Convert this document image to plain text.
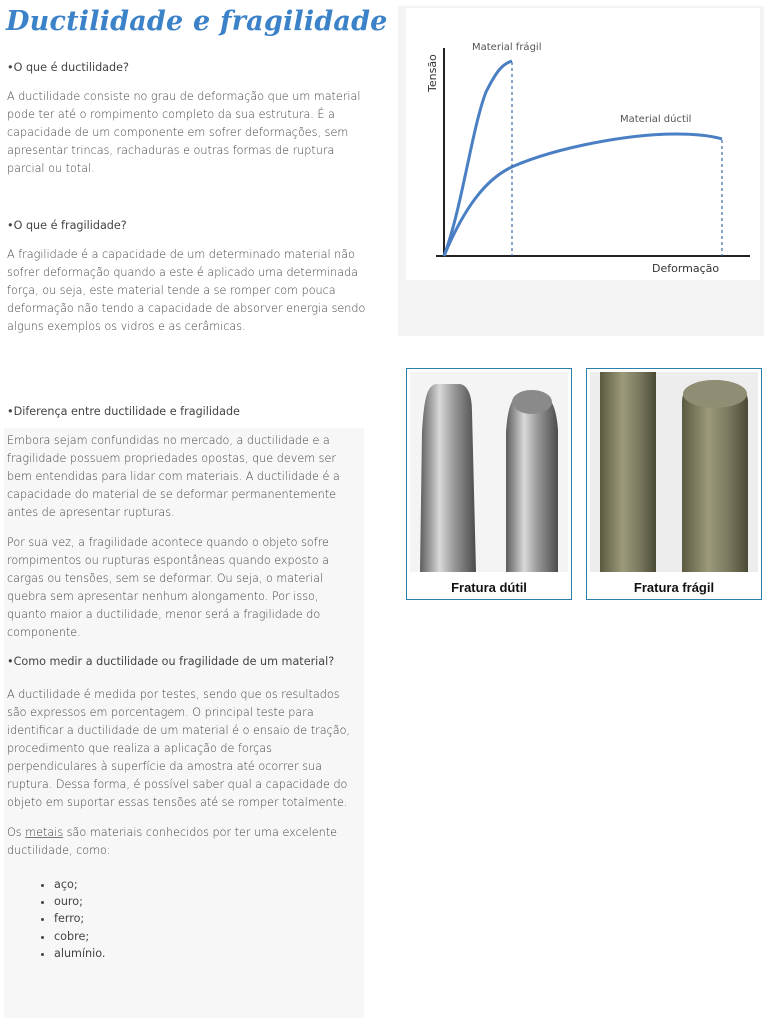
Ductilidade e fragilidade
•O que é ductilidade?
A ductilidade consiste no grau de deformação que um material pode ter até o rompimento completo da sua estrutura. É a capacidade de um componente em sofrer deformações, sem apresentar trincas, rachaduras e outras formas de ruptura parcial ou total.
•O que é fragilidade?
A fragilidade é a capacidade de um determinado material não sofrer deformação quando a este é aplicado uma determinada força, ou seja, este material tende a se romper com pouca deformação não tendo a capacidade de absorver energia sendo alguns exemplos os vidros e as cerâmicas.
•Diferença entre ductilidade e fragilidade
Embora sejam confundidas no mercado, a ductilidade e a fragilidade possuem propriedades opostas, que devem ser bem entendidas para lidar com materiais. A ductilidade é a capacidade do material de se deformar permanentemente antes de apresentar rupturas.
Por sua vez, a fragilidade acontece quando o objeto sofre rompimentos ou rupturas espontâneas quando exposto a cargas ou tensões, sem se deformar. Ou seja, o material quebra sem apresentar nenhum alongamento. Por isso, quanto maior a ductilidade, menor será a fragilidade do componente.
•Como medir a ductilidade ou fragilidade de um material?
A ductilidade é medida por testes, sendo que os resultados são expressos em porcentagem. O principal teste para identificar a ductilidade de um material é o ensaio de tração, procedimento que realiza a aplicação de forças perpendiculares à superfície da amostra até ocorrer sua ruptura. Dessa forma, é possível saber qual a capacidade do objeto em suportar essas tensões até se romper totalmente.
Os metais são materiais conhecidos por ter uma excelente ductilidade, como:
• aço;
• ouro;
• ferro;
• cobre;
• alumínio.
Tensão
Deformação
Material frágil
Material dúctil
Fratura dútil	Fratura frágil
